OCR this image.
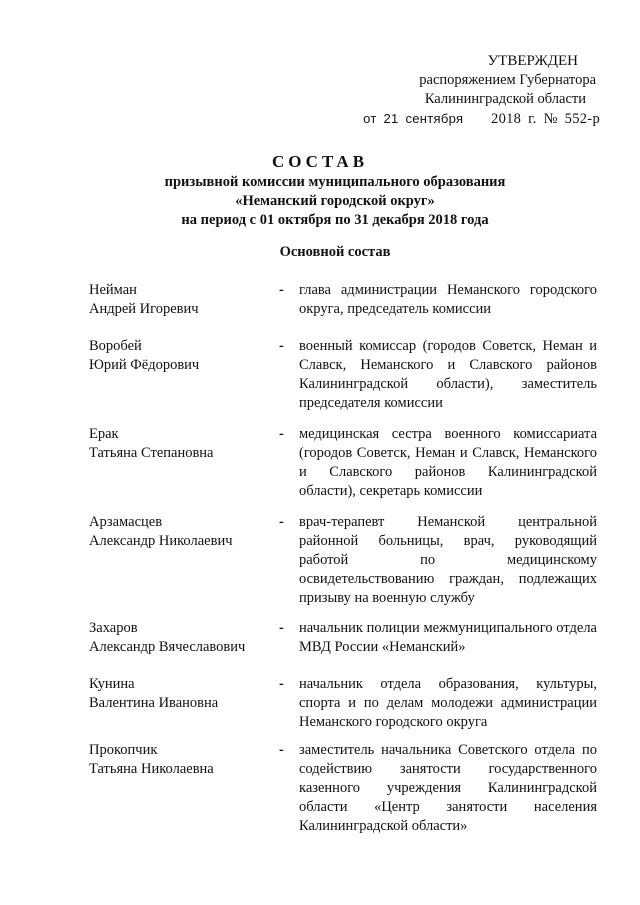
УТВЕРЖДЕН
распоряжением Губернатора
Калининградской области
от 21 сентября 2018 г. № 552-р
СОСТАВ
призывной комиссии муниципального образования
«Неманский городской округ»
на период с 01 октября по 31 декабря 2018 года
Основной состав
Нейман
Андрей Игоревич
-	глава администрации Неманского городского округа, председатель комиссии
Воробей
Юрий Фёдорович
-	военный комиссар (городов Советск, Неман и Славск, Неманского и Славского районов Калининградской области), заместитель председателя комиссии
Ерак
Татьяна Степановна
-	медицинская сестра военного комиссариата (городов Советск, Неман и Славск, Неманского и Славского районов Калининградской области), секретарь комиссии
Арзамасцев
Александр Николаевич
-	врач-терапевт Неманской центральной районной больницы, врач, руководящий работой по медицинскому освидетельствованию граждан, подлежащих призыву на военную службу
Захаров
Александр Вячеславович
-	начальник полиции межмуниципального отдела МВД России «Неманский»
Кунина
Валентина Ивановна
-	начальник отдела образования, культуры, спорта и по делам молодежи администрации Неманского городского округа
Прокопчик
Татьяна Николаевна
-	заместитель начальника Советского отдела по содействию занятости государственного казенного учреждения Калининградской области «Центр занятости населения Калининградской области»
